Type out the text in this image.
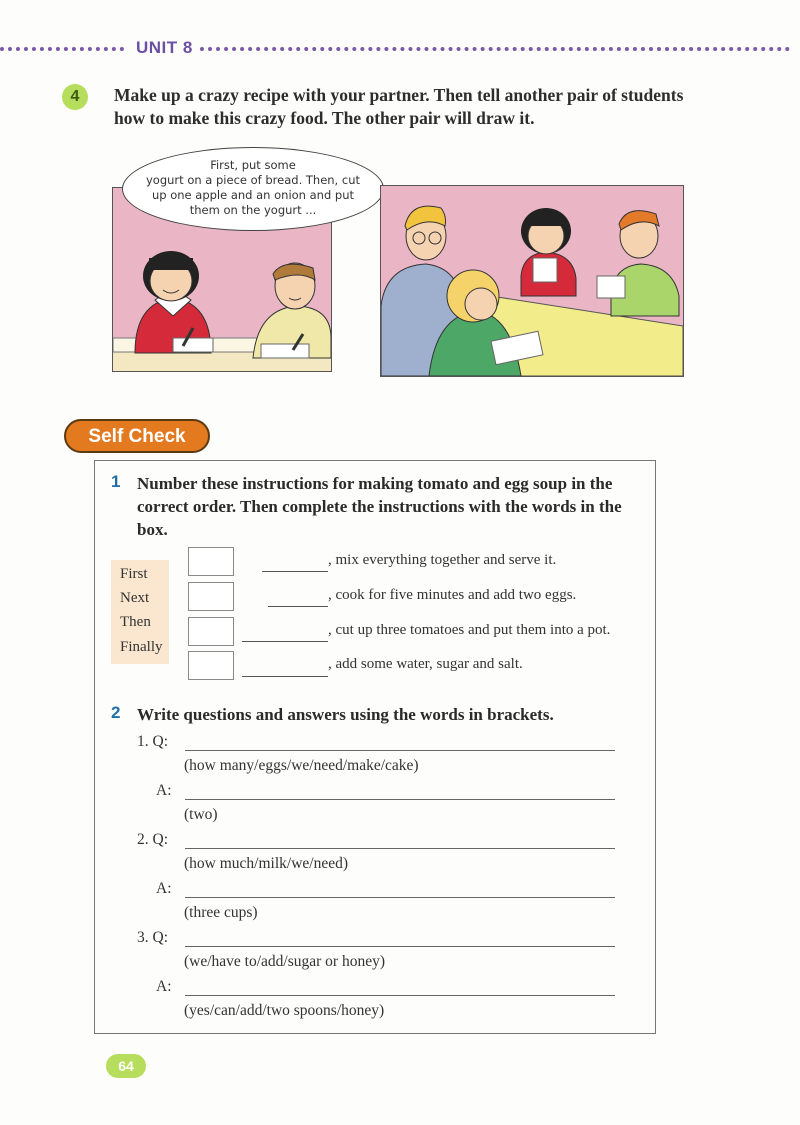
UNIT 8
4	Make up a crazy recipe with your partner. Then tell another pair of students how to make this crazy food. The other pair will draw it.
First, put some
yogurt on a piece of bread. Then, cut
up one apple and an onion and put
them on the yogurt ...
Self Check
1 Number these instructions for making tomato and egg soup in the correct order. Then complete the instructions with the words in the box.
First
Next
Then
Finally
, mix everything together and serve it.
, cook for five minutes and add two eggs.
, cut up three tomatoes and put them into a pot.
, add some water, sugar and salt.
2 Write questions and answers using the words in brackets.
1. Q:
(how many/eggs/we/need/make/cake)
A:
(two)
2. Q:
(how much/milk/we/need)
A:
(three cups)
3. Q:
(we/have to/add/sugar or honey)
A:
(yes/can/add/two spoons/honey)
64
